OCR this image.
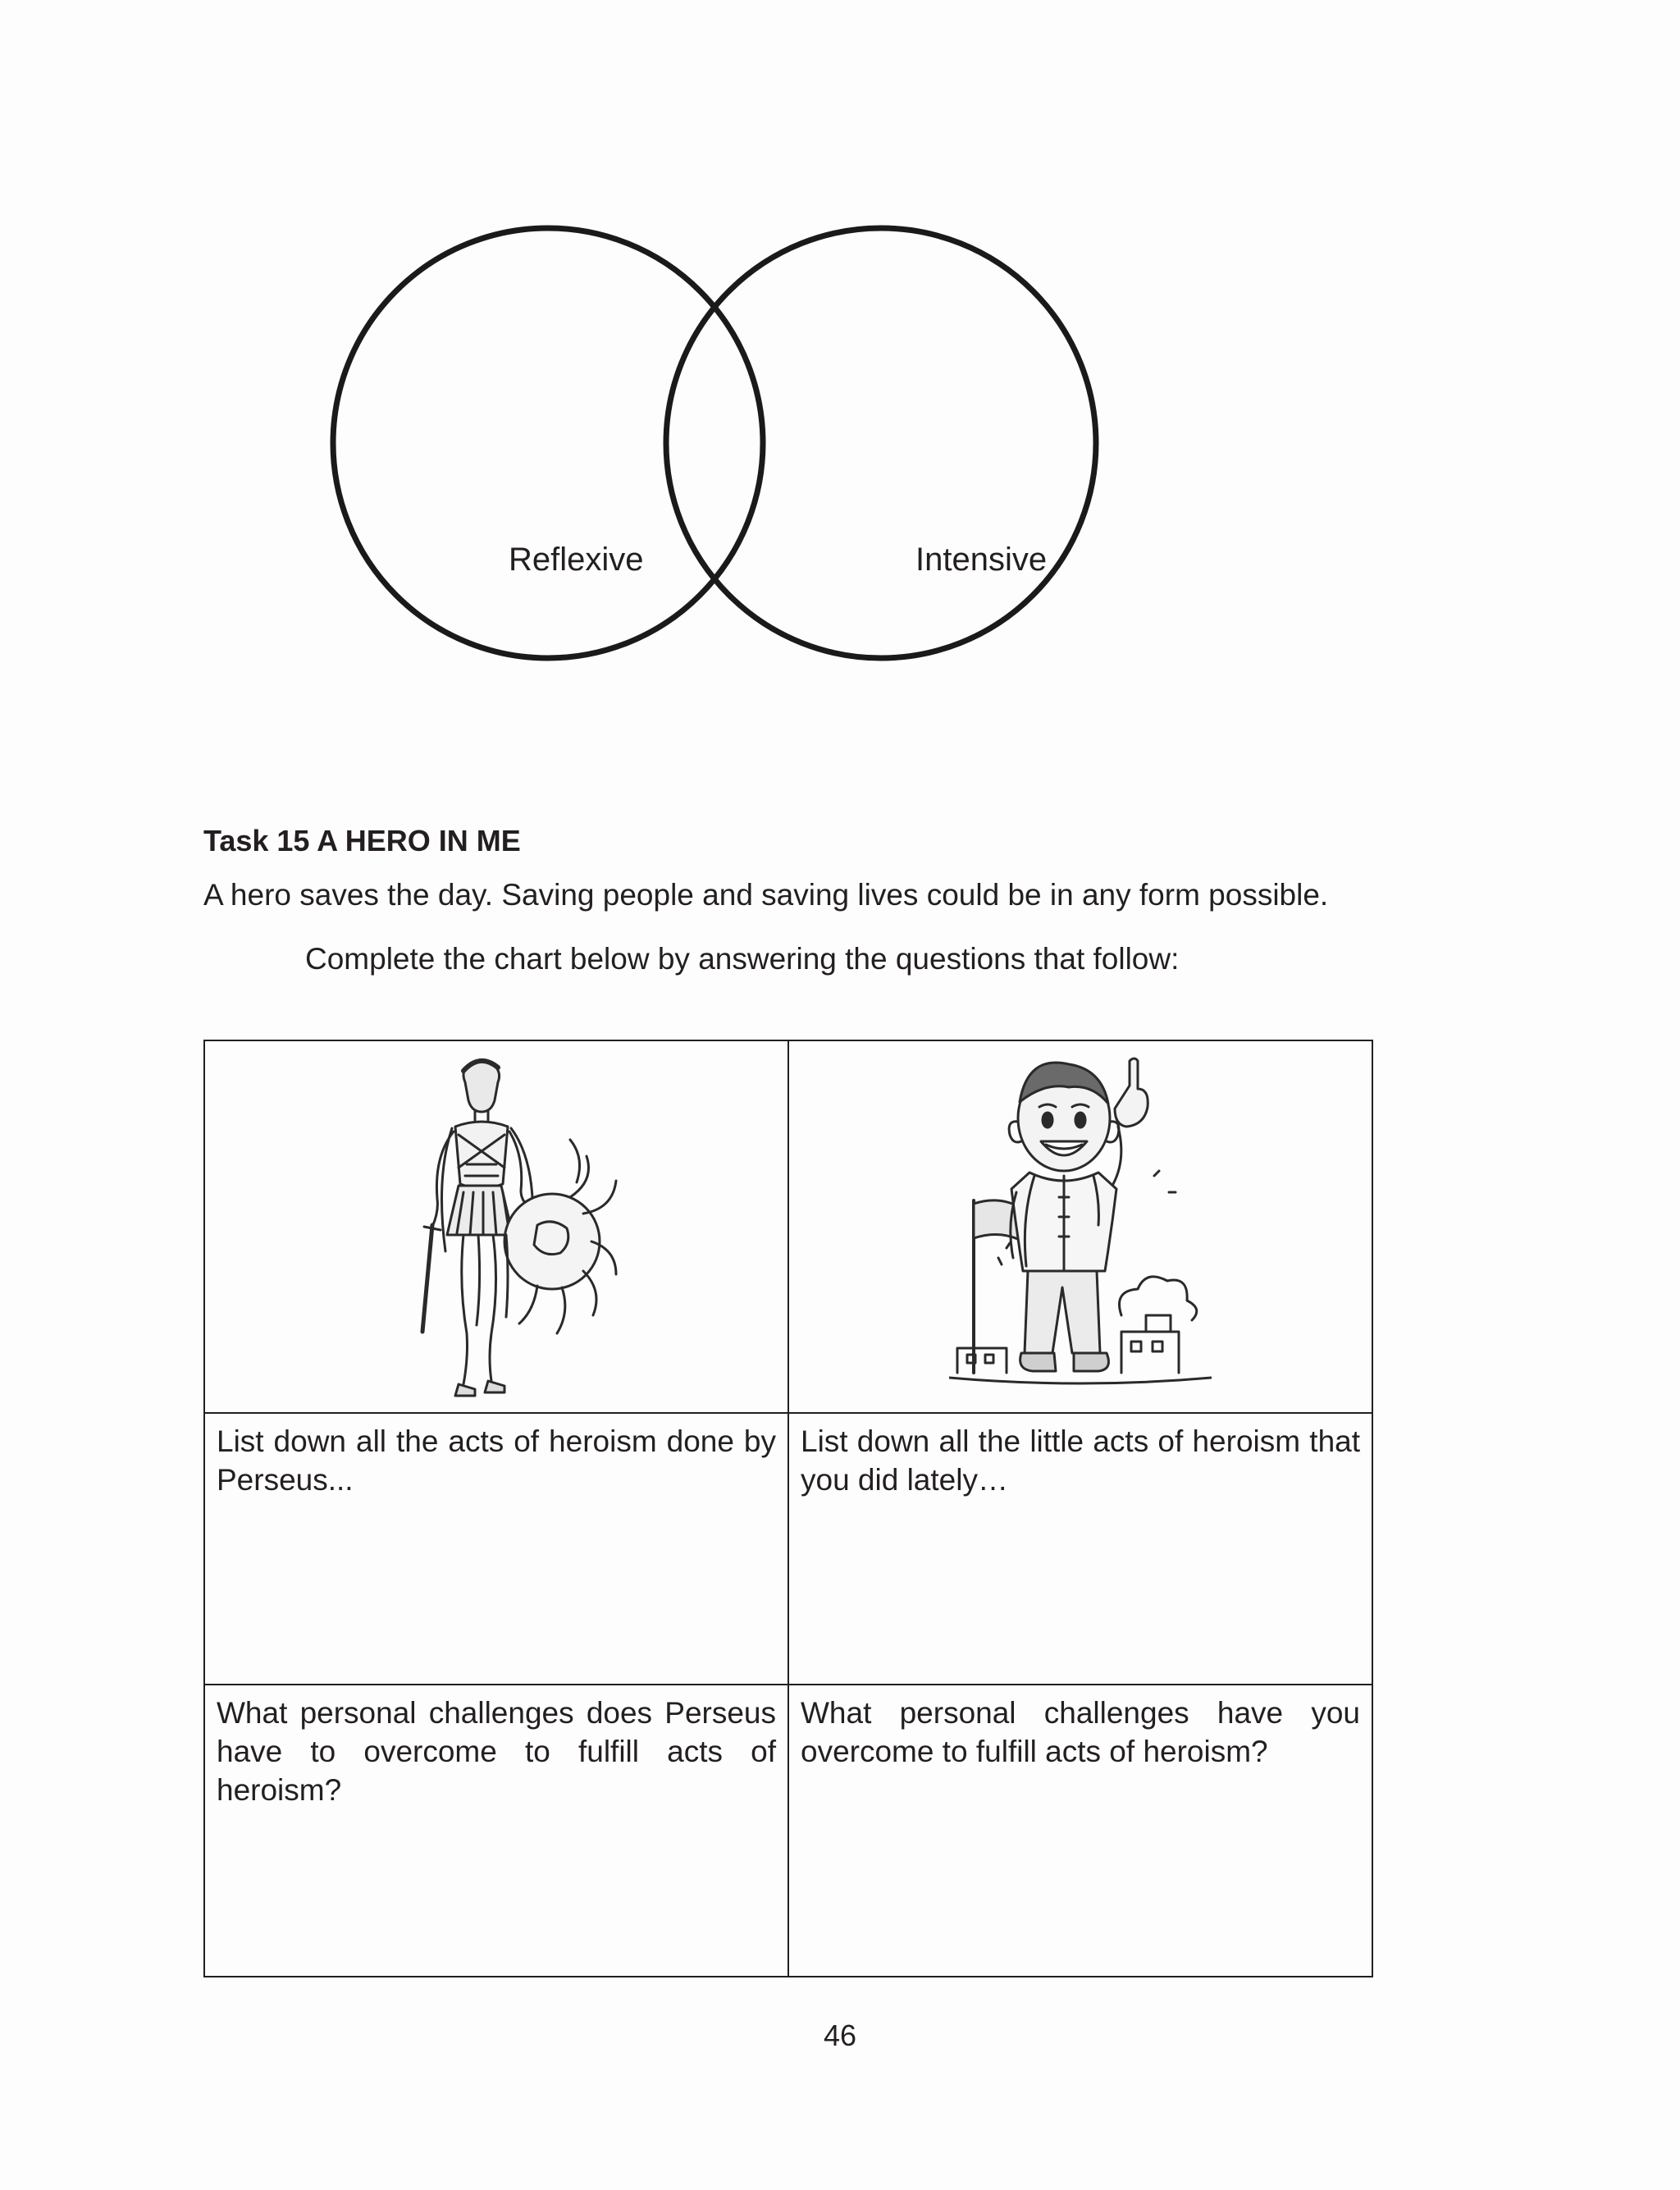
Reflexive	Intensive

Task 15 A HERO IN ME

A hero saves the day. Saving people and saving lives could be in any form possible.

Complete the chart below by answering the questions that follow:

List down all the acts of heroism done by Perseus...	List down all the little acts of heroism that you did lately…

What personal challenges does Perseus have to overcome to fulfill acts of heroism?	What personal challenges have you overcome to fulfill acts of heroism?

46
